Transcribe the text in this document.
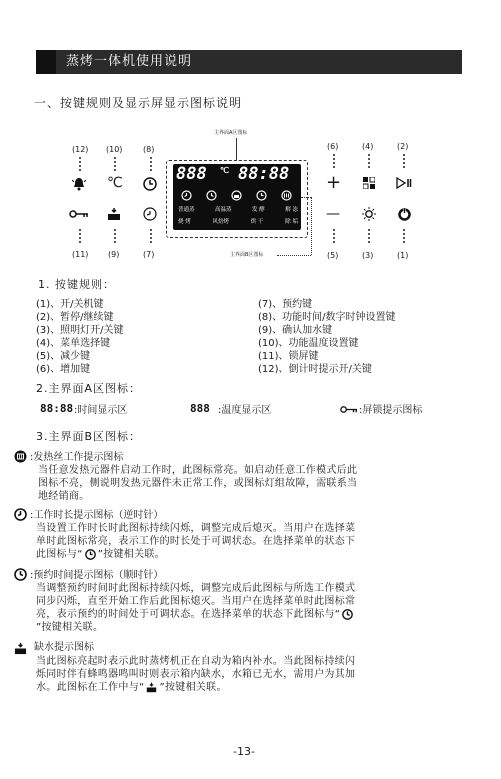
蒸烤一体机使用说明
一、按键规则及显示屏显示图标说明
主界面A区图标
(12) (10)	(8)
℃
(11) (9)	(7)
888 ℃ 88:88
普通蒸	高温蒸	发 酵	解 冻
烧 烤	风焙烤	烘 干	除 垢
主界面B区图标
(6)	(4)	(2)
+
—
(5)	(3)	(1)
1. 按键规则：
(1)、开/关机键
(2)、暂停/继续键
(3)、照明灯开/关键
(4)、菜单选择键
(5)、减少键
(6)、增加键
(7)、预约键
(8)、功能时间/数字时钟设置键
(9)、确认加水键
(10)、功能温度设置键
(11)、锁屏键
(12)、倒计时提示开/关键
2.主界面A区图标：
88:88 :时间显示区	888 :温度显示区	:屏锁提示图标
3.主界面B区图标：
:发热丝工作提示图标
当任意发热元器件启动工作时，此图标常亮。如启动任意工作模式后此
图标不亮，侧说明发热元器件未正常工作，或图标灯组故障，需联系当
地经销商。
:工作时长提示图标（逆时针）
当设置工作时长时此图标持续闪烁，调整完成后熄灭。当用户在选择菜
单时此图标常亮，表示工作的时长处于可调状态。在选择菜单的状态下
此图标与“ ”按键相关联。
:预约时间提示图标（顺时针）
当调整预约时间时此图标持续闪烁，调整完成后此图标与所选工作模式
同步闪烁，直至开始工作后此图标熄灭。当用户在选择菜单时此图标常
亮，表示预约的时间处于可调状态。在选择菜单的状态下此图标与“
”按键相关联。
缺水提示图标
当此图标亮起时表示此时蒸烤机正在自动为箱内补水。当此图标持续闪
烁同时伴有蜂鸣器鸣叫时则表示箱内缺水，水箱已无水，需用户为其加
水。此图标在工作中与“ ”按键相关联。
-13-
